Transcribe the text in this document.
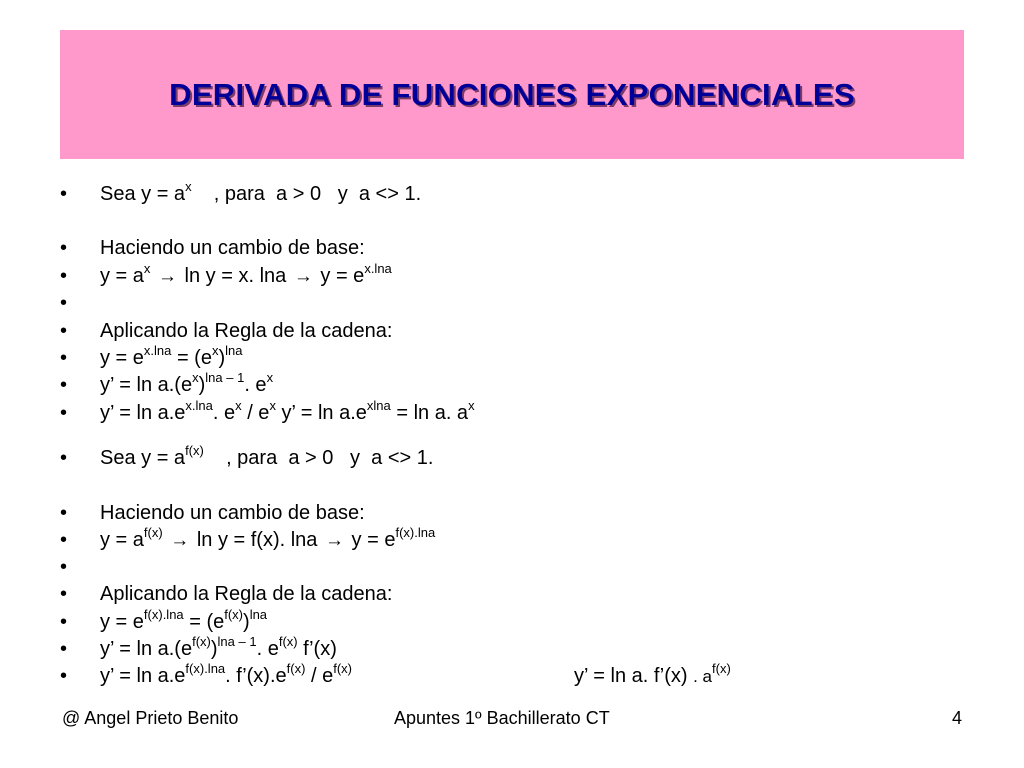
DERIVADA DE FUNCIONES EXPONENCIALES
• Sea $y = a^x$    , para  a > 0   y  a <> 1.
• Haciendo un cambio de base:
• $y = a^x \to \ln y = x$. $\ln a \to y = e^{x.lna}$
•
• Aplicando la Regla de la cadena:
• $y = e^{x.lna} = (e^x)^{lna}$
• y’ = $\ln a.(e^x)^{lna - 1}$. $e^x$
• y’ = $\ln a.e^{x.lna}$. $e^x / e^x$ y’ = $\ln a.e^{xlna} = \ln a$. $a^x$
• Sea $y = a^{f(x)}$    , para  a > 0   y  a <> 1.
• Haciendo un cambio de base:
• $y = a^{f(x)} \to \ln y = f(x)$. $\ln a \to y = e^{f(x).lna}$
•
• Aplicando la Regla de la cadena:
• $y = e^{f(x).lna} = (e^{f(x)})^{lna}$
• y’ = $\ln a.(e^{f(x)})^{lna - 1}$. $e^{f(x)}$ f’(x)
• y’ = $\ln a.e^{f(x).lna}$. $f’(x).e^{f(x)} / e^{f(x)}$	y’ = ln a. f’(x) . $a^{f(x)}$
@ Angel Prieto Benito	Apuntes 1º Bachillerato CT	4
